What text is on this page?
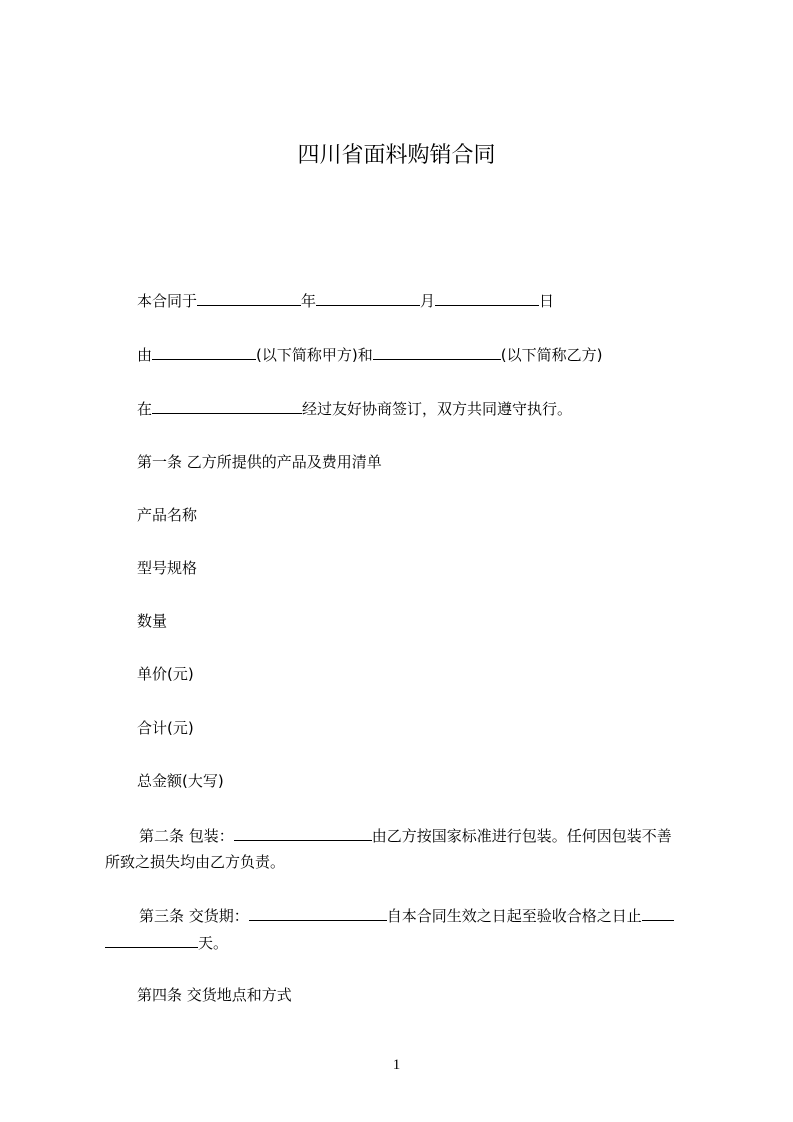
四川省面料购销合同
本合同于	年	月	日
由	(以下简称甲方)和	(以下简称乙方)
在	经过友好协商签订，双方共同遵守执行。
第一条 乙方所提供的产品及费用清单
产品名称
型号规格
数量
单价(元)
合计(元)
总金额(大写)
第二条 包装：	由乙方按国家标准进行包装。任何因包装不善
所致之损失均由乙方负责。
第三条 交货期：	自本合同生效之日起至验收合格之日止
天。
第四条 交货地点和方式
1
